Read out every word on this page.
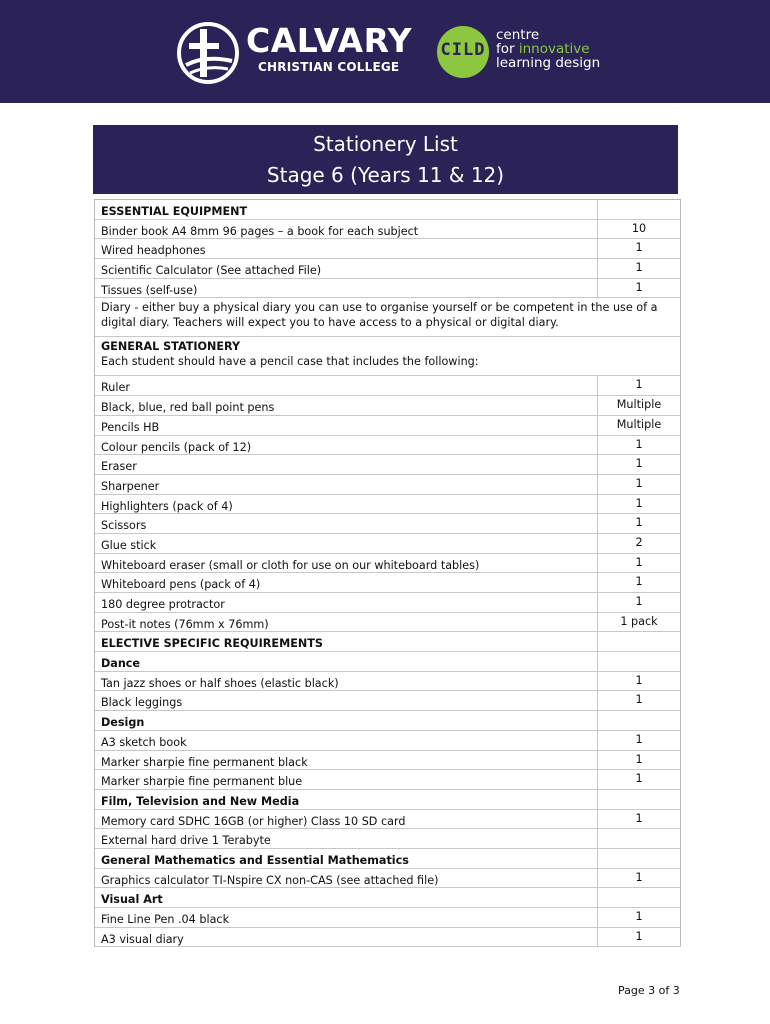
CALVARY
CHRISTIAN COLLEGE
CILD
centre
for innovative
learning design
Stationery List
Stage 6 (Years 11 & 12)
ESSENTIAL EQUIPMENT
Binder book A4 8mm 96 pages – a book for each subject	10
Wired headphones	1
Scientific Calculator (See attached File)	1
Tissues (self-use)	1
Diary - either buy a physical diary you can use to organise yourself or be competent in the use of a digital diary. Teachers will expect you to have access to a physical or digital diary.
GENERAL STATIONERY
Each student should have a pencil case that includes the following:
Ruler	1
Black, blue, red ball point pens	Multiple
Pencils HB	Multiple
Colour pencils (pack of 12)	1
Eraser	1
Sharpener	1
Highlighters (pack of 4)	1
Scissors	1
Glue stick	2
Whiteboard eraser (small or cloth for use on our whiteboard tables)	1
Whiteboard pens (pack of 4)	1
180 degree protractor	1
Post-it notes (76mm x 76mm)	1 pack
ELECTIVE SPECIFIC REQUIREMENTS
Dance
Tan jazz shoes or half shoes (elastic black)	1
Black leggings	1
Design
A3 sketch book	1
Marker sharpie fine permanent black	1
Marker sharpie fine permanent blue	1
Film, Television and New Media
Memory card SDHC 16GB (or higher) Class 10 SD card	1
External hard drive 1 Terabyte
General Mathematics and Essential Mathematics
Graphics calculator TI-Nspire CX non-CAS (see attached file)	1
Visual Art
Fine Line Pen .04 black	1
A3 visual diary	1
Page 3 of 3
